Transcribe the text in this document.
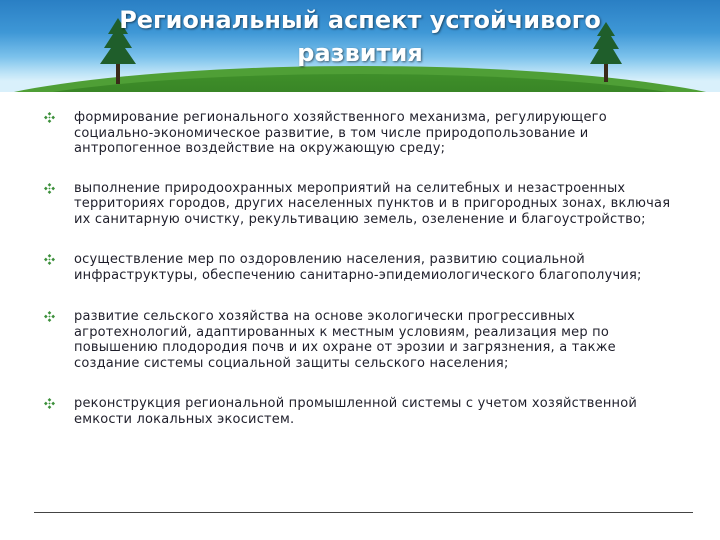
Региональный аспект устойчивого развития
формирование регионального хозяйственного механизма, регулирующего социально-экономическое развитие, в том числе природопользование и антропогенное воздействие на окружающую среду;
выполнение природоохранных мероприятий на селитебных и незастроенных территориях городов, других населенных пунктов и в пригородных зонах, включая их санитарную очистку, рекультивацию земель, озеленение и благоустройство;
осуществление мер по оздоровлению населения, развитию социальной инфраструктуры, обеспечению санитарно-эпидемиологического благополучия;
развитие сельского хозяйства на основе экологически прогрессивных агротехнологий, адаптированных к местным условиям, реализация мер по повышению плодородия почв и их охране от эрозии и загрязнения, а также создание системы социальной защиты сельского населения;
реконструкция региональной промышленной системы с учетом хозяйственной емкости локальных экосистем.
